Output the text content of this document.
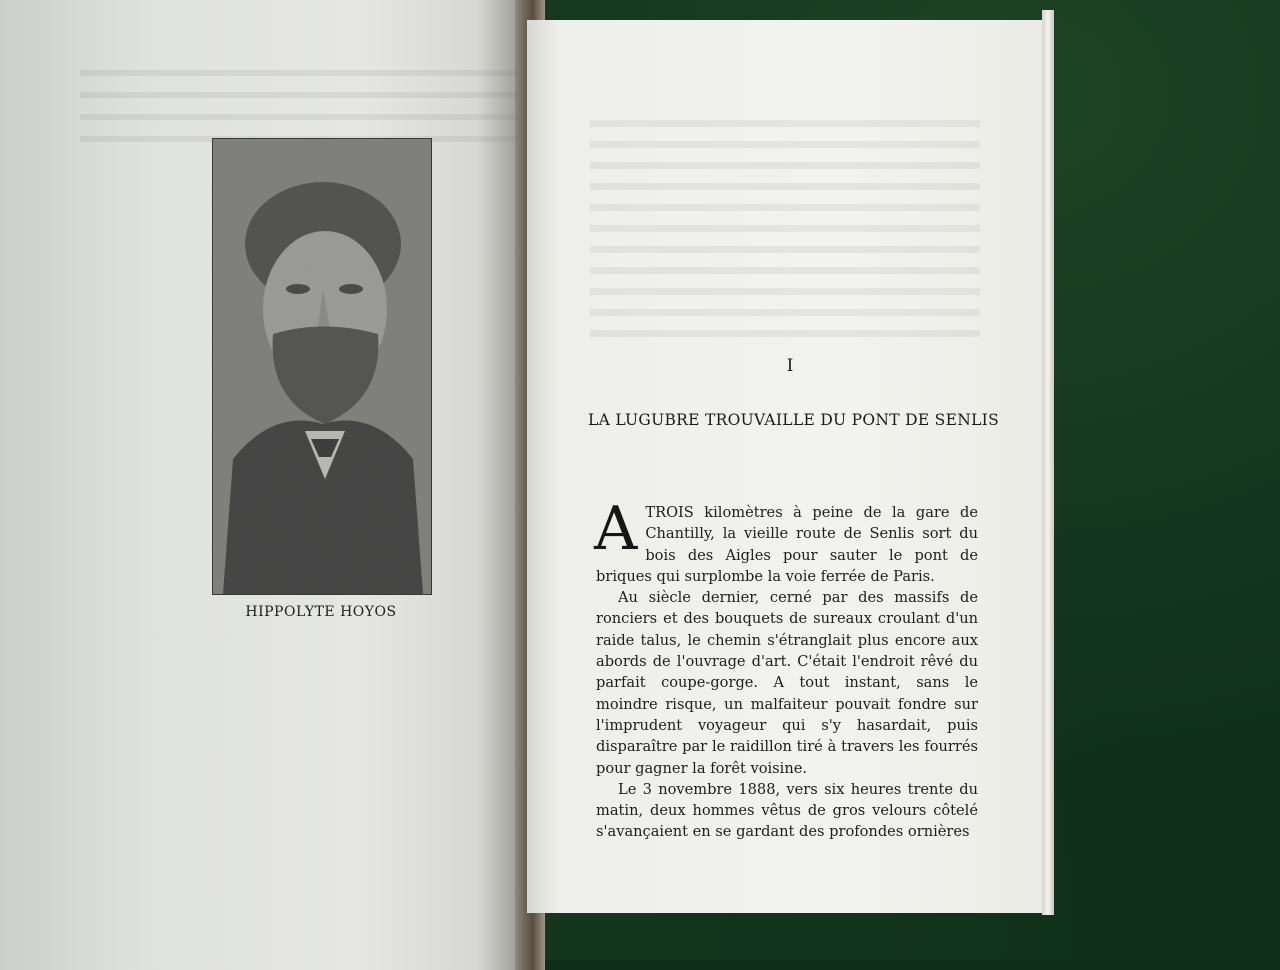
HIPPOLYTE HOYOS
I
LA LUGUBRE TROUVAILLE DU PONT DE SENLIS

ATROIS kilomètres à peine de la gare de Chantilly, la vieille route de Senlis sort du bois des Aigles pour sauter le pont de briques qui surplombe la voie ferrée de Paris.

Au siècle dernier, cerné par des massifs de ronciers et des bouquets de sureaux croulant d'un raide talus, le chemin s'étranglait plus encore aux abords de l'ouvrage d'art. C'était l'endroit rêvé du parfait coupe-gorge. A tout instant, sans le moindre risque, un malfaiteur pouvait fondre sur l'imprudent voyageur qui s'y hasardait, puis disparaître par le raidillon tiré à travers les fourrés pour gagner la forêt voisine.

Le 3 novembre 1888, vers six heures trente du matin, deux hommes vêtus de gros velours côtelé s'avançaient en se gardant des profondes ornières
